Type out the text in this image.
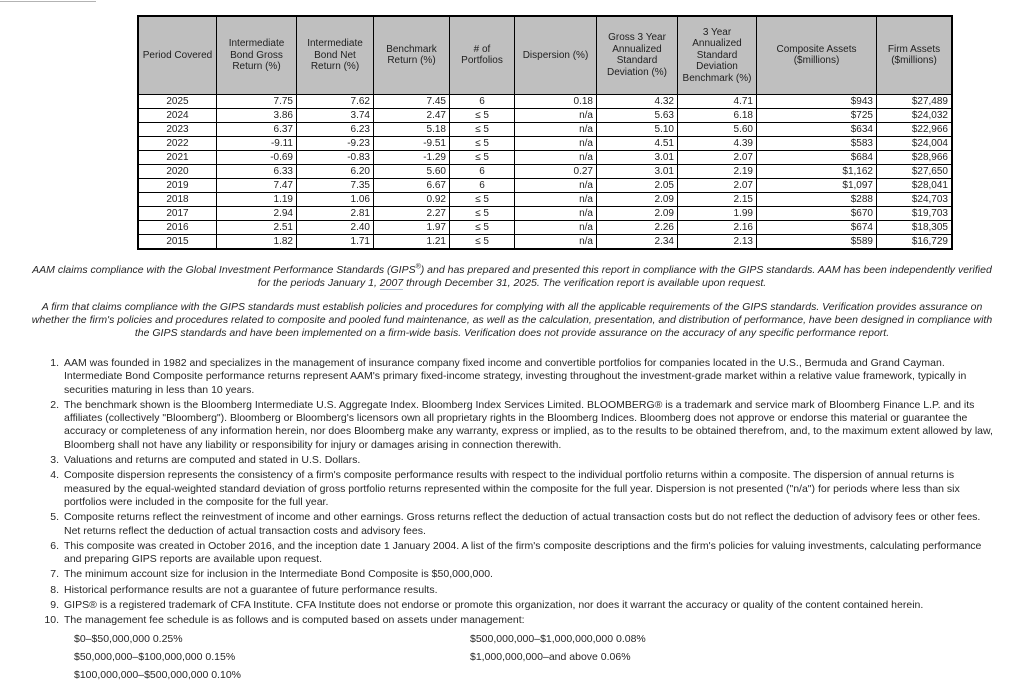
Period Covered	Intermediate Bond Gross Return (%)	Intermediate Bond Net Return (%)	Benchmark Return (%)	# of Portfolios	Dispersion (%)	Gross 3 Year Annualized Standard Deviation (%)	3 Year Annualized Standard Deviation Benchmark (%)	Composite Assets ($millions)	Firm Assets ($millions)
2025	7.75	7.62	7.45	6	0.18	4.32	4.71	$943	$27,489
2024	3.86	3.74	2.47	≤ 5	n/a	5.63	6.18	$725	$24,032
2023	6.37	6.23	5.18	≤ 5	n/a	5.10	5.60	$634	$22,966
2022	-9.11	-9.23	-9.51	≤ 5	n/a	4.51	4.39	$583	$24,004
2021	-0.69	-0.83	-1.29	≤ 5	n/a	3.01	2.07	$684	$28,966
2020	6.33	6.20	5.60	6	0.27	3.01	2.19	$1,162	$27,650
2019	7.47	7.35	6.67	6	n/a	2.05	2.07	$1,097	$28,041
2018	1.19	1.06	0.92	≤ 5	n/a	2.09	2.15	$288	$24,703
2017	2.94	2.81	2.27	≤ 5	n/a	2.09	1.99	$670	$19,703
2016	2.51	2.40	1.97	≤ 5	n/a	2.26	2.16	$674	$18,305
2015	1.82	1.71	1.21	≤ 5	n/a	2.34	2.13	$589	$16,729

AAM claims compliance with the Global Investment Performance Standards (GIPS®) and has prepared and presented this report in compliance with the GIPS standards. AAM has been independently verified for the periods January 1, 2007 through December 31, 2025. The verification report is available upon request.

A firm that claims compliance with the GIPS standards must establish policies and procedures for complying with all the applicable requirements of the GIPS standards. Verification provides assurance on whether the firm's policies and procedures related to composite and pooled fund maintenance, as well as the calculation, presentation, and distribution of performance, have been designed in compliance with the GIPS standards and have been implemented on a firm-wide basis. Verification does not provide assurance on the accuracy of any specific performance report.

1. AAM was founded in 1982 and specializes in the management of insurance company fixed income and convertible portfolios for companies located in the U.S., Bermuda and Grand Cayman. Intermediate Bond Composite performance returns represent AAM's primary fixed-income strategy, investing throughout the investment-grade market within a relative value framework, typically in securities maturing in less than 10 years.
2. The benchmark shown is the Bloomberg Intermediate U.S. Aggregate Index. Bloomberg Index Services Limited. BLOOMBERG® is a trademark and service mark of Bloomberg Finance L.P. and its affiliates (collectively "Bloomberg"). Bloomberg or Bloomberg's licensors own all proprietary rights in the Bloomberg Indices. Bloomberg does not approve or endorse this material or guarantee the accuracy or completeness of any information herein, nor does Bloomberg make any warranty, express or implied, as to the results to be obtained therefrom, and, to the maximum extent allowed by law, Bloomberg shall not have any liability or responsibility for injury or damages arising in connection therewith.
3. Valuations and returns are computed and stated in U.S. Dollars.
4. Composite dispersion represents the consistency of a firm's composite performance results with respect to the individual portfolio returns within a composite. The dispersion of annual returns is measured by the equal-weighted standard deviation of gross portfolio returns represented within the composite for the full year. Dispersion is not presented ("n/a") for periods where less than six portfolios were included in the composite for the full year.
5. Composite returns reflect the reinvestment of income and other earnings. Gross returns reflect the deduction of actual transaction costs but do not reflect the deduction of advisory fees or other fees. Net returns reflect the deduction of actual transaction costs and advisory fees.
6. This composite was created in October 2016, and the inception date 1 January 2004. A list of the firm's composite descriptions and the firm's policies for valuing investments, calculating performance and preparing GIPS reports are available upon request.
7. The minimum account size for inclusion in the Intermediate Bond Composite is $50,000,000.
8. Historical performance results are not a guarantee of future performance results.
9. GIPS® is a registered trademark of CFA Institute. CFA Institute does not endorse or promote this organization, nor does it warrant the accuracy or quality of the content contained herein.
10. The management fee schedule is as follows and is computed based on assets under management:
$0–$50,000,000 0.25%
$50,000,000–$100,000,000 0.15%
$100,000,000–$500,000,000 0.10%
$500,000,000–$1,000,000,000 0.08%
$1,000,000,000–and above 0.06%
